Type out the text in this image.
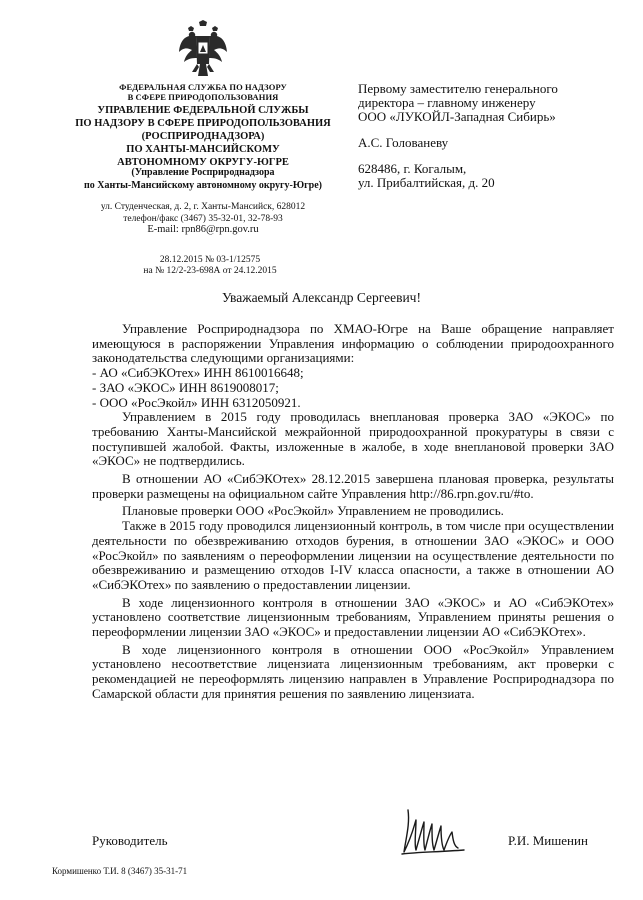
ФЕДЕРАЛЬНАЯ СЛУЖБА ПО НАДЗОРУ
В СФЕРЕ ПРИРОДОПОЛЬЗОВАНИЯ
УПРАВЛЕНИЕ ФЕДЕРАЛЬНОЙ СЛУЖБЫ
ПО НАДЗОРУ В СФЕРЕ ПРИРОДОПОЛЬЗОВАНИЯ
(РОСПРИРОДНАДЗОРА)
ПО ХАНТЫ-МАНСИЙСКОМУ
АВТОНОМНОМУ ОКРУГУ-ЮГРЕ
(Управление Росприроднадзора
по Ханты-Мансийскому автономному округу-Югре)
ул. Студенческая, д. 2, г. Ханты-Мансийск, 628012
телефон/факс (3467) 35-32-01, 32-78-93
E-mail: rpn86@rpn.gov.ru
28.12.2015 № 03-1/12575
на № 12/2-23-698А от 24.12.2015
Первому заместителю генерального
директора – главному инженеру
ООО «ЛУКОЙЛ-Западная Сибирь»
А.С. Голованеву
628486, г. Когалым,
ул. Прибалтийская, д. 20
Уважаемый Александр Сергеевич!

Управление Росприроднадзора по ХМАО-Югре на Ваше обращение направляет имеющуюся в распоряжении Управления информацию о соблюдении природоохранного законодательства следующими организациями:

- АО «СибЭКОтех» ИНН 8610016648;

- ЗАО «ЭКОС» ИНН 8619008017;

- ООО «РосЭкойл» ИНН 6312050921.

Управлением в 2015 году проводилась внеплановая проверка ЗАО «ЭКОС» по требованию Ханты-Мансийской межрайонной природоохранной прокуратуры в связи с поступившей жалобой. Факты, изложенные в жалобе, в ходе внеплановой проверки ЗАО «ЭКОС» не подтвердились.

В отношении АО «СибЭКОтех» 28.12.2015 завершена плановая проверка, результаты проверки размещены на официальном сайте Управления http://86.rpn.gov.ru/#to.

Плановые проверки ООО «РосЭкойл» Управлением не проводились.

Также в 2015 году проводился лицензионный контроль, в том числе при осуществлении деятельности по обезвреживанию отходов бурения, в отношении ЗАО «ЭКОС» и ООО «РосЭкойл» по заявлениям о переоформлении лицензии на осуществление деятельности по обезвреживанию и размещению отходов I-IV класса опасности, а также в отношении АО «СибЭКОтех» по заявлению о предоставлении лицензии.

В ходе лицензионного контроля в отношении ЗАО «ЭКОС» и АО «СибЭКОтех» установлено соответствие лицензионным требованиям, Управлением приняты решения о переоформлении лицензии ЗАО «ЭКОС» и предоставлении лицензии АО «СибЭКОтех».

В ходе лицензионного контроля в отношении ООО «РосЭкойл» Управлением установлено несоответствие лицензиата лицензионным требованиям, акт проверки с рекомендацией не переоформлять лицензию направлен в Управление Росприроднадзора по Самарской области для принятия решения по заявлению лицензиата.

Руководитель	Р.И. Мишенин
Кормишенко Т.И. 8 (3467) 35-31-71
